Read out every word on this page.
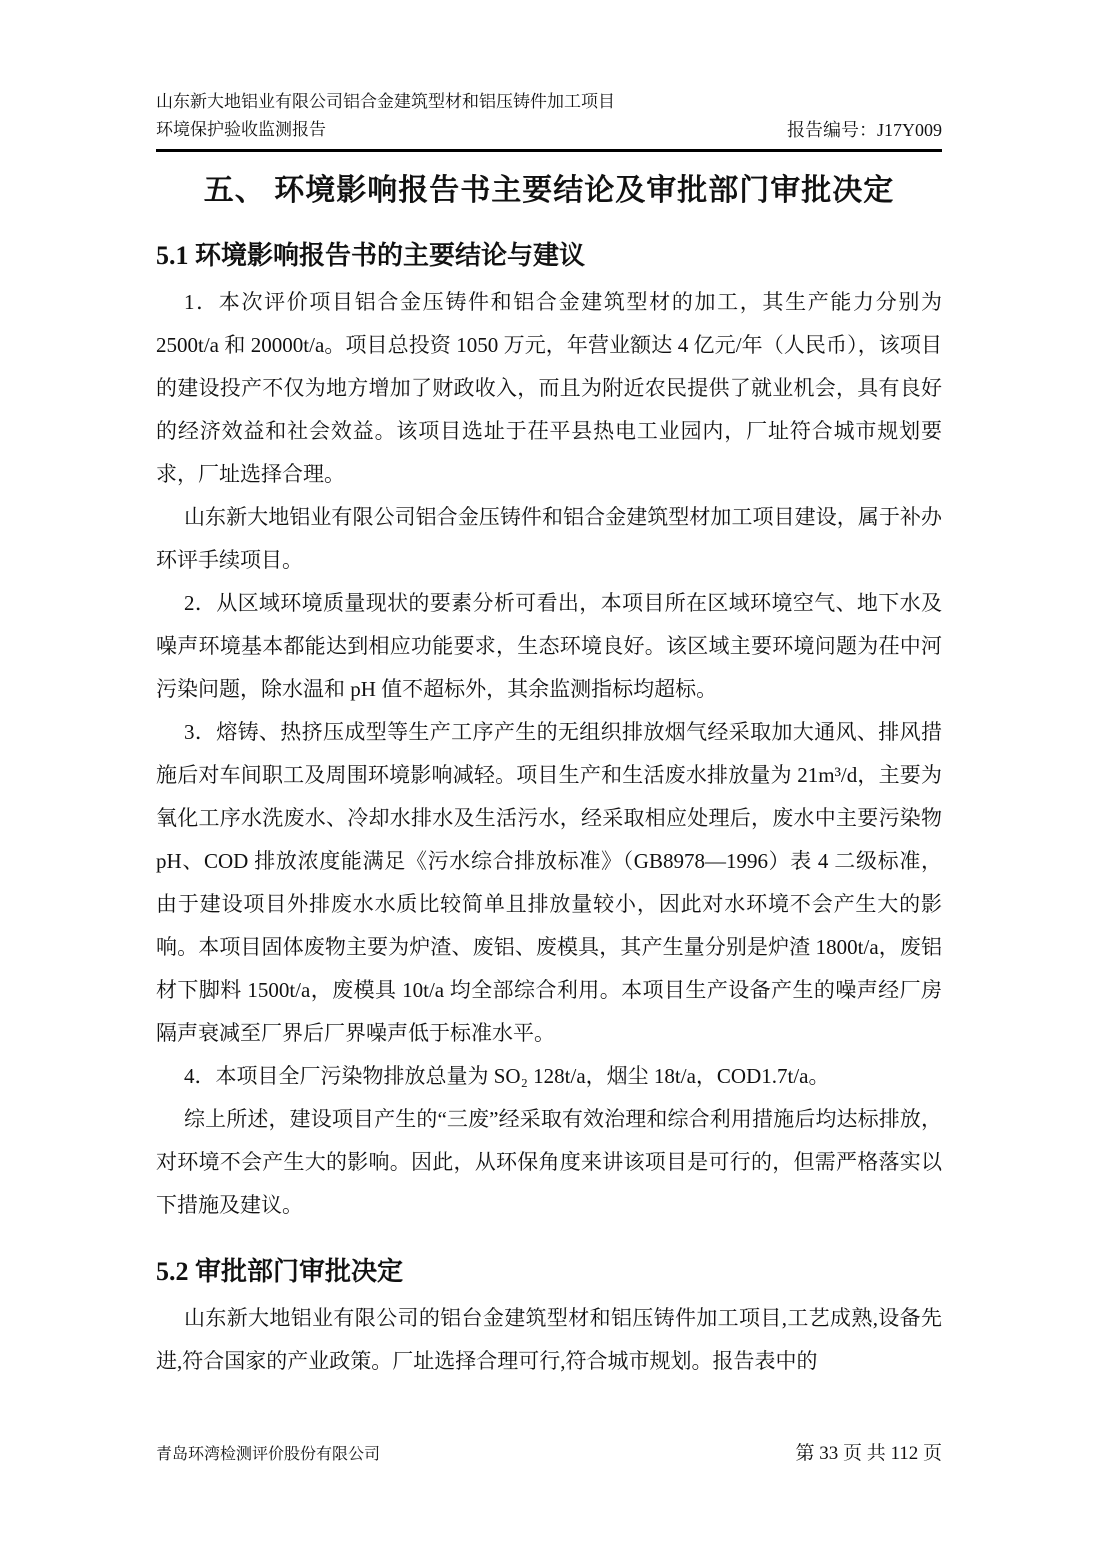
山东新大地铝业有限公司铝合金建筑型材和铝压铸件加工项目
环境保护验收监测报告	报告编号：J17Y009
五、 环境影响报告书主要结论及审批部门审批决定
5.1 环境影响报告书的主要结论与建议

1．本次评价项目铝合金压铸件和铝合金建筑型材的加工，其生产能力分别为 2500t/a 和 20000t/a。项目总投资 1050 万元，年营业额达 4 亿元/年（人民币），该项目的建设投产不仅为地方增加了财政收入，而且为附近农民提供了就业机会，具有良好的经济效益和社会效益。该项目选址于茌平县热电工业园内，厂址符合城市规划要求，厂址选择合理。

山东新大地铝业有限公司铝合金压铸件和铝合金建筑型材加工项目建设，属于补办环评手续项目。

2．从区域环境质量现状的要素分析可看出，本项目所在区域环境空气、地下水及噪声环境基本都能达到相应功能要求，生态环境良好。该区域主要环境问题为茌中河污染问题，除水温和 pH 值不超标外，其余监测指标均超标。

3．熔铸、热挤压成型等生产工序产生的无组织排放烟气经采取加大通风、排风措施后对车间职工及周围环境影响减轻。项目生产和生活废水排放量为 21m³/d，主要为氧化工序水洗废水、冷却水排水及生活污水，经采取相应处理后，废水中主要污染物 pH、COD 排放浓度能满足《污水综合排放标准》（GB8978—1996）表 4 二级标准，由于建设项目外排废水水质比较简单且排放量较小，因此对水环境不会产生大的影响。本项目固体废物主要为炉渣、废铝、废模具，其产生量分别是炉渣 1800t/a，废铝材下脚料 1500t/a，废模具 10t/a 均全部综合利用。本项目生产设备产生的噪声经厂房隔声衰减至厂界后厂界噪声低于标准水平。

4．本项目全厂污染物排放总量为 SO₂ 128t/a，烟尘 18t/a，COD1.7t/a。

综上所述，建设项目产生的“三废”经采取有效治理和综合利用措施后均达标排放，对环境不会产生大的影响。因此，从环保角度来讲该项目是可行的，但需严格落实以下措施及建议。

5.2 审批部门审批决定

山东新大地铝业有限公司的铝台金建筑型材和铝压铸件加工项目,工艺成熟,设备先进,符合国家的产业政策。厂址选择合理可行,符合城市规划。报告表中的

青岛环湾检测评价股份有限公司	第 33 页 共 112 页
